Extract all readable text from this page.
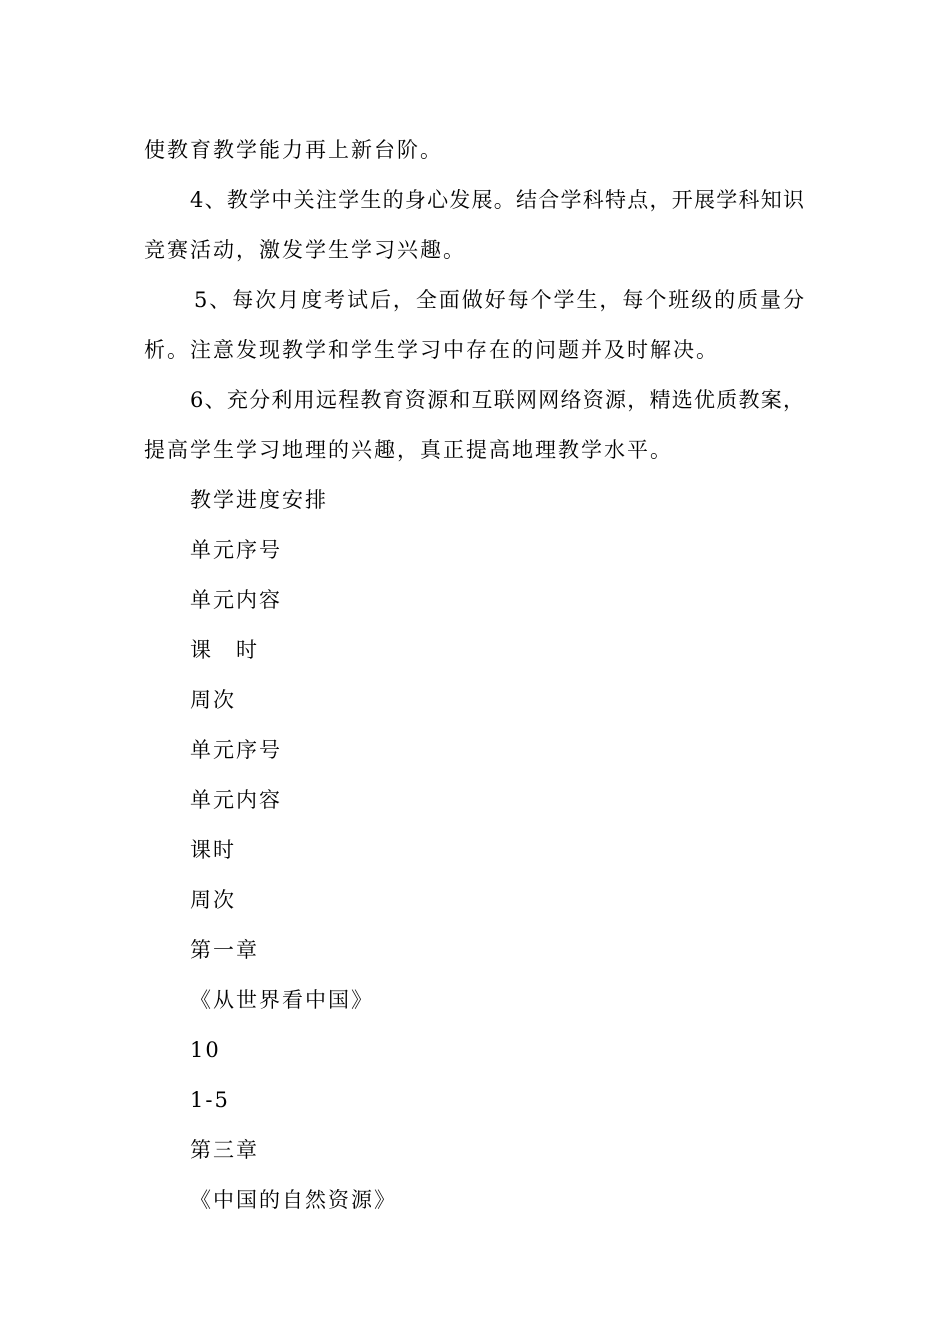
使教育教学能力再上新台阶。
4、教学中关注学生的身心发展。结合学科特点，开展学科知识
竞赛活动，激发学生学习兴趣。
5、每次月度考试后，全面做好每个学生，每个班级的质量分
析。注意发现教学和学生学习中存在的问题并及时解决。
6、充分利用远程教育资源和互联网网络资源，精选优质教案，
提高学生学习地理的兴趣，真正提高地理教学水平。
教学进度安排
单元序号
单元内容
课　时
周次
单元序号
单元内容
课时
周次
第一章
《从世界看中国》
10
1-5
第三章
《中国的自然资源》
